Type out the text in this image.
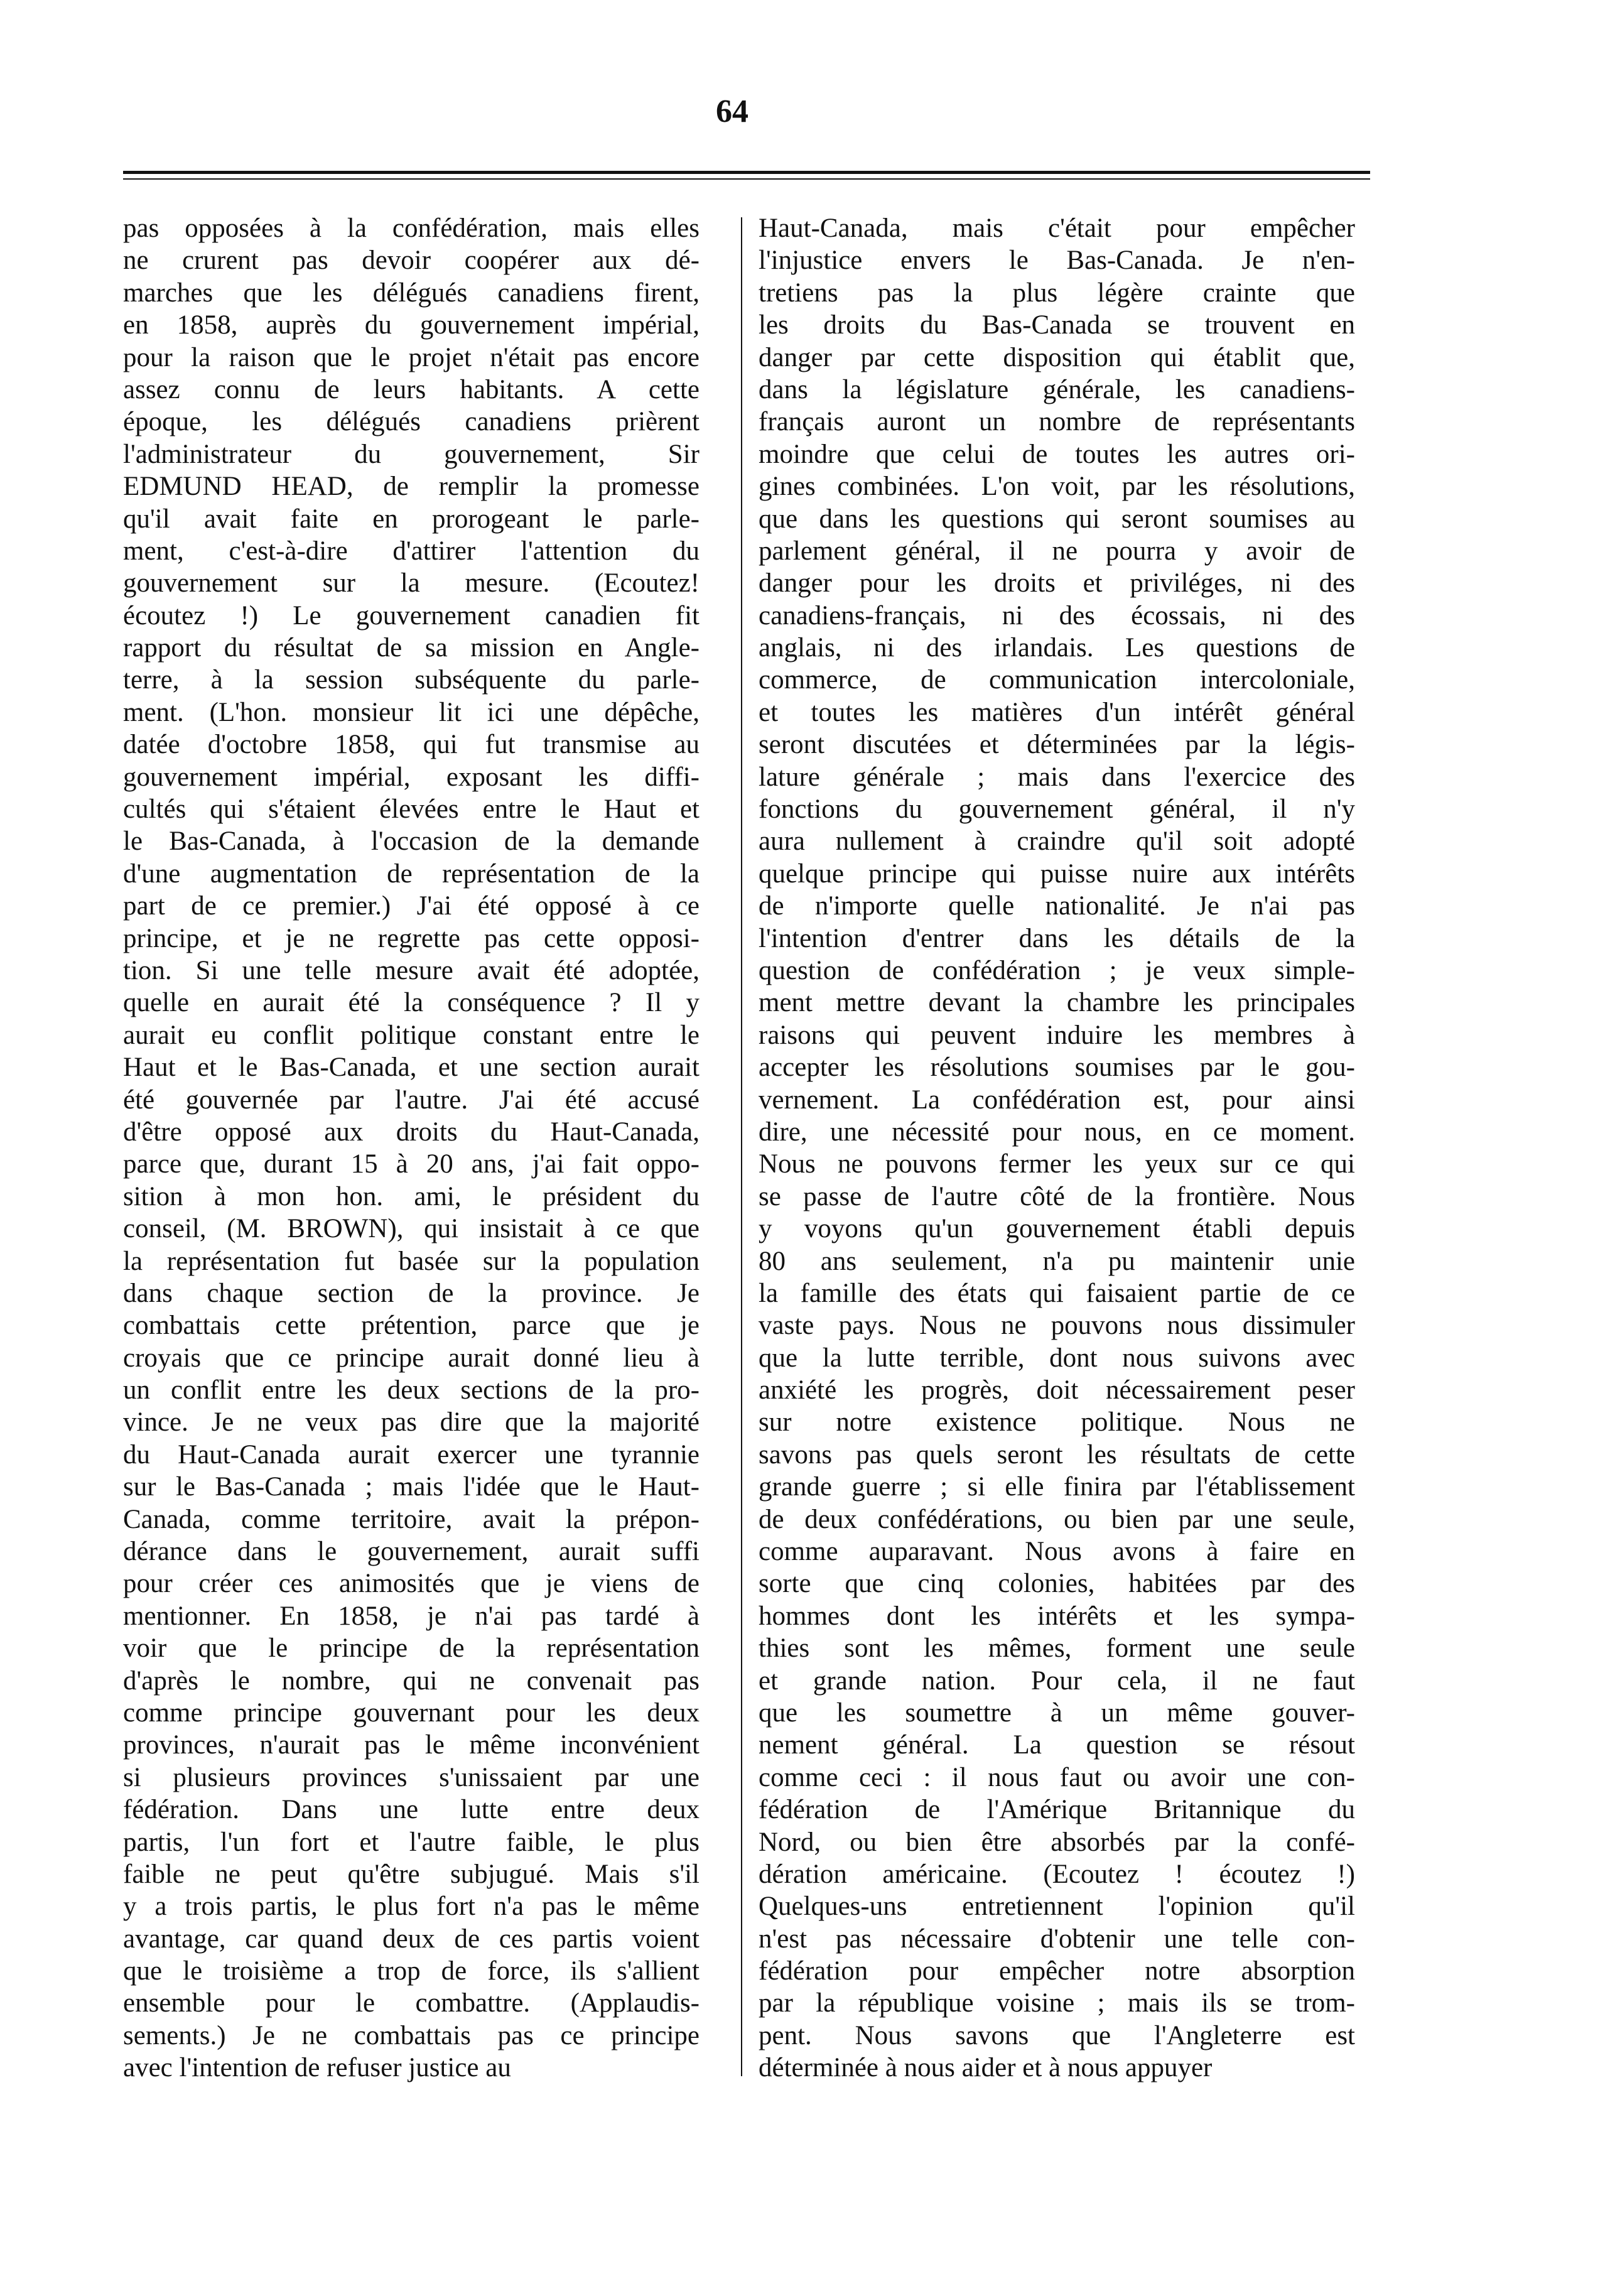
64
pas opposées à la confédération, mais elles
ne crurent pas devoir coopérer aux dé-
marches que les délégués canadiens firent,
en 1858, auprès du gouvernement impérial,
pour la raison que le projet n'était pas encore
assez connu de leurs habitants. A cette
époque, les délégués canadiens prièrent
l'administrateur du gouvernement, Sir
EDMUND HEAD, de remplir la promesse
qu'il avait faite en prorogeant le parle-
ment, c'est-à-dire d'attirer l'attention du
gouvernement sur la mesure. (Ecoutez!
écoutez !) Le gouvernement canadien fit
rapport du résultat de sa mission en Angle-
terre, à la session subséquente du parle-
ment. (L'hon. monsieur lit ici une dépêche,
datée d'octobre 1858, qui fut transmise au
gouvernement impérial, exposant les diffi-
cultés qui s'étaient élevées entre le Haut et
le Bas-Canada, à l'occasion de la demande
d'une augmentation de représentation de la
part de ce premier.) J'ai été opposé à ce
principe, et je ne regrette pas cette opposi-
tion. Si une telle mesure avait été adoptée,
quelle en aurait été la conséquence ? Il y
aurait eu conflit politique constant entre le
Haut et le Bas-Canada, et une section aurait
été gouvernée par l'autre. J'ai été accusé
d'être opposé aux droits du Haut-Canada,
parce que, durant 15 à 20 ans, j'ai fait oppo-
sition à mon hon. ami, le président du
conseil, (M. BROWN), qui insistait à ce que
la représentation fut basée sur la population
dans chaque section de la province. Je
combattais cette prétention, parce que je
croyais que ce principe aurait donné lieu à
un conflit entre les deux sections de la pro-
vince. Je ne veux pas dire que la majorité
du Haut-Canada aurait exercer une tyrannie
sur le Bas-Canada ; mais l'idée que le Haut-
Canada, comme territoire, avait la prépon-
dérance dans le gouvernement, aurait suffi
pour créer ces animosités que je viens de
mentionner. En 1858, je n'ai pas tardé à
voir que le principe de la représentation
d'après le nombre, qui ne convenait pas
comme principe gouvernant pour les deux
provinces, n'aurait pas le même inconvénient
si plusieurs provinces s'unissaient par une
fédération. Dans une lutte entre deux
partis, l'un fort et l'autre faible, le plus
faible ne peut qu'être subjugué. Mais s'il
y a trois partis, le plus fort n'a pas le même
avantage, car quand deux de ces partis voient
que le troisième a trop de force, ils s'allient
ensemble pour le combattre. (Applaudis-
sements.) Je ne combattais pas ce principe
avec l'intention de refuser justice au
Haut-Canada, mais c'était pour empêcher
l'injustice envers le Bas-Canada. Je n'en-
tretiens pas la plus légère crainte que
les droits du Bas-Canada se trouvent en
danger par cette disposition qui établit que,
dans la législature générale, les canadiens-
français auront un nombre de représentants
moindre que celui de toutes les autres ori-
gines combinées. L'on voit, par les résolutions,
que dans les questions qui seront soumises au
parlement général, il ne pourra y avoir de
danger pour les droits et priviléges, ni des
canadiens-français, ni des écossais, ni des
anglais, ni des irlandais. Les questions de
commerce, de communication intercoloniale,
et toutes les matières d'un intérêt général
seront discutées et déterminées par la légis-
lature générale ; mais dans l'exercice des
fonctions du gouvernement général, il n'y
aura nullement à craindre qu'il soit adopté
quelque principe qui puisse nuire aux intérêts
de n'importe quelle nationalité. Je n'ai pas
l'intention d'entrer dans les détails de la
question de confédération ; je veux simple-
ment mettre devant la chambre les principales
raisons qui peuvent induire les membres à
accepter les résolutions soumises par le gou-
vernement. La confédération est, pour ainsi
dire, une nécessité pour nous, en ce moment.
Nous ne pouvons fermer les yeux sur ce qui
se passe de l'autre côté de la frontière. Nous
y voyons qu'un gouvernement établi depuis
80 ans seulement, n'a pu maintenir unie
la famille des états qui faisaient partie de ce
vaste pays. Nous ne pouvons nous dissimuler
que la lutte terrible, dont nous suivons avec
anxiété les progrès, doit nécessairement peser
sur notre existence politique. Nous ne
savons pas quels seront les résultats de cette
grande guerre ; si elle finira par l'établissement
de deux confédérations, ou bien par une seule,
comme auparavant. Nous avons à faire en
sorte que cinq colonies, habitées par des
hommes dont les intérêts et les sympa-
thies sont les mêmes, forment une seule
et grande nation. Pour cela, il ne faut
que les soumettre à un même gouver-
nement général. La question se résout
comme ceci : il nous faut ou avoir une con-
fédération de l'Amérique Britannique du
Nord, ou bien être absorbés par la confé-
dération américaine. (Ecoutez ! écoutez !)
Quelques-uns entretiennent l'opinion qu'il
n'est pas nécessaire d'obtenir une telle con-
fédération pour empêcher notre absorption
par la république voisine ; mais ils se trom-
pent. Nous savons que l'Angleterre est
déterminée à nous aider et à nous appuyer
